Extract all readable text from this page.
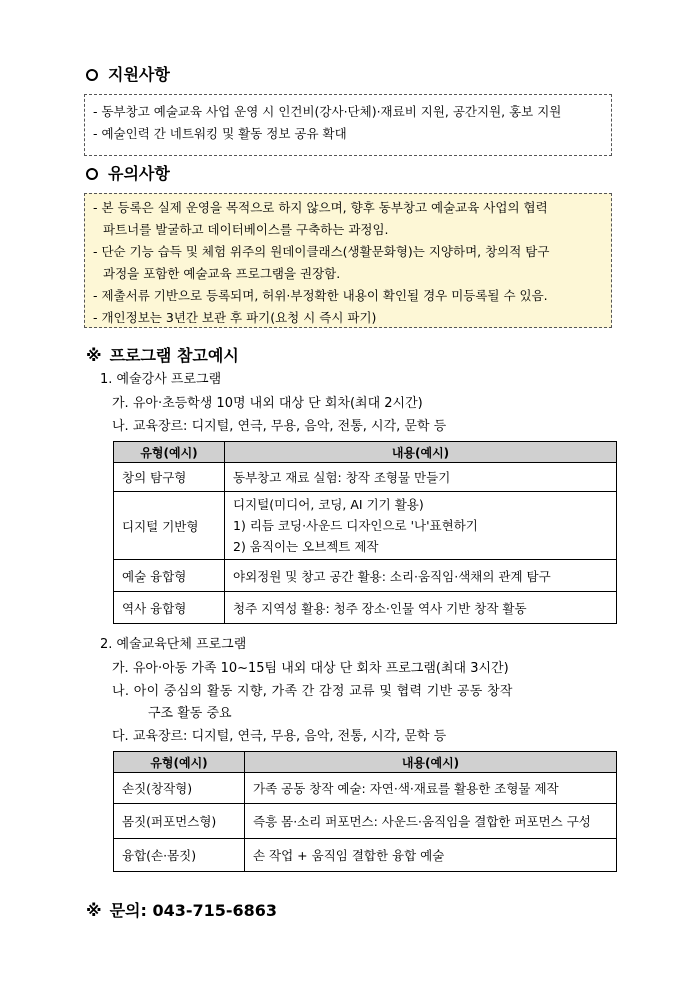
지원사항
- 동부창고 예술교육 사업 운영 시 인건비(강사·단체)·재료비 지원, 공간지원, 홍보 지원
- 예술인력 간 네트워킹 및 활동 정보 공유 확대
유의사항
- 본 등록은 실제 운영을 목적으로 하지 않으며, 향후 동부창고 예술교육 사업의 협력
파트너를 발굴하고 데이터베이스를 구축하는 과정임.
- 단순 기능 습득 및 체험 위주의 원데이클래스(생활문화형)는 지양하며, 창의적 탐구
과정을 포함한 예술교육 프로그램을 권장함.
- 제출서류 기반으로 등록되며, 허위·부정확한 내용이 확인될 경우 미등록될 수 있음.
- 개인정보는 3년간 보관 후 파기(요청 시 즉시 파기)
※ 프로그램 참고예시
1. 예술강사 프로그램
가. 유아·초등학생 10명 내외 대상 단 회차(최대 2시간)
나. 교육장르: 디지털, 연극, 무용, 음악, 전통, 시각, 문학 등
유형(예시)	내용(예시)
창의 탐구형	동부창고 재료 실험: 창작 조형물 만들기
디지털 기반형	디지털(미디어, 코딩, AI 기기 활용)
1) 리듬 코딩·사운드 디자인으로 '나'표현하기
2) 움직이는 오브젝트 제작

예술 융합형	야외정원 및 창고 공간 활용: 소리·움직임·색채의 관계 탐구
역사 융합형	청주 지역성 활용: 청주 장소·인물 역사 기반 창작 활동
2. 예술교육단체 프로그램
가. 유아·아동 가족 10~15팀 내외 대상 단 회차 프로그램(최대 3시간)
나. 아이 중심의 활동 지향, 가족 간 감정 교류 및 협력 기반 공동 창작
구조 활동 중요
다. 교육장르: 디지털, 연극, 무용, 음악, 전통, 시각, 문학 등
유형(예시)	내용(예시)
손짓(창작형)	가족 공동 창작 예술: 자연·색·재료를 활용한 조형물 제작
몸짓(퍼포먼스형)	즉흥 몸·소리 퍼포먼스: 사운드·움직임을 결합한 퍼포먼스 구성
융합(손·몸짓)	손 작업 + 움직임 결합한 융합 예술
※ 문의: 043-715-6863
